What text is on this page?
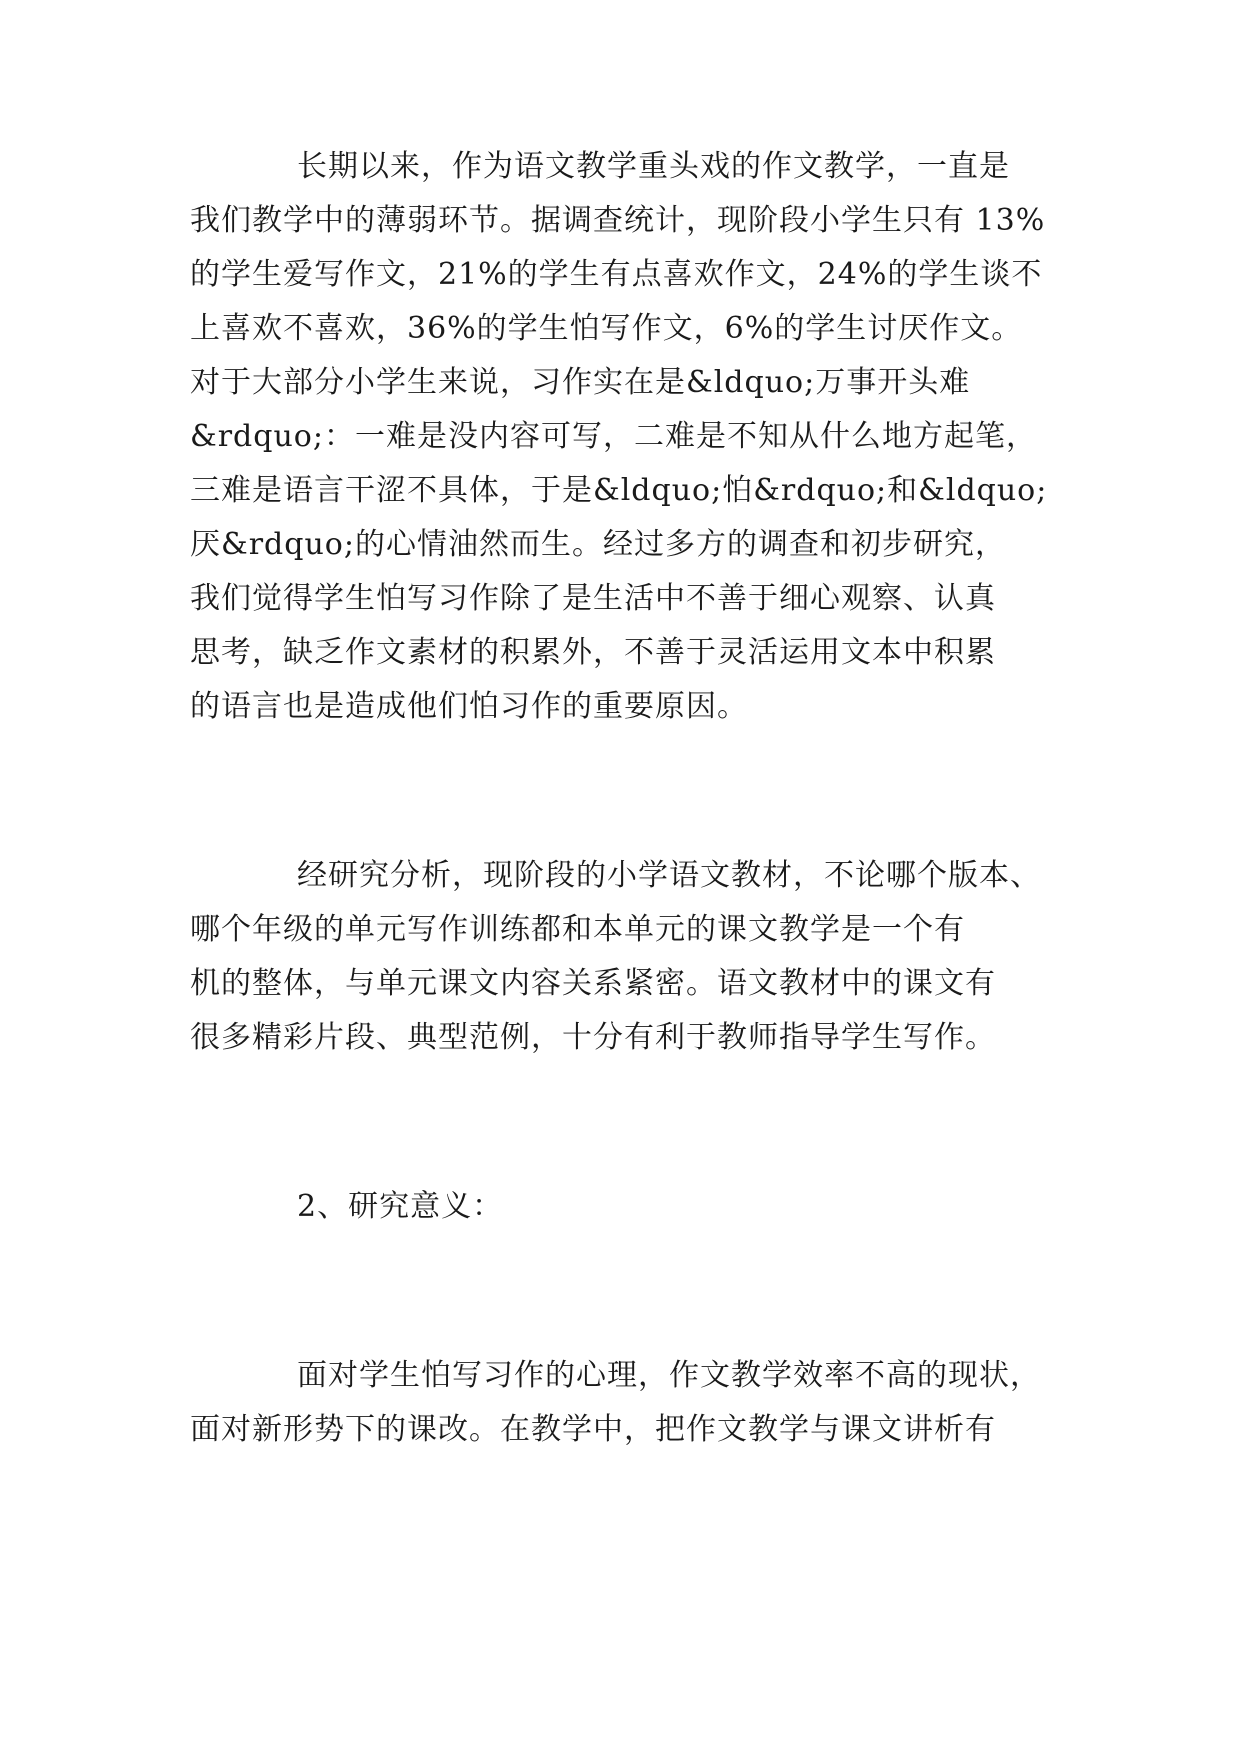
长期以来，作为语文教学重头戏的作文教学，一直是
我们教学中的薄弱环节。据调查统计，现阶段小学生只有 13%
的学生爱写作文，21%的学生有点喜欢作文，24%的学生谈不
上喜欢不喜欢，36%的学生怕写作文，6%的学生讨厌作文。
对于大部分小学生来说，习作实在是&ldquo;万事开头难
&rdquo;：一难是没内容可写，二难是不知从什么地方起笔，
三难是语言干涩不具体，于是&ldquo;怕&rdquo;和&ldquo;
厌&rdquo;的心情油然而生。经过多方的调查和初步研究，
我们觉得学生怕写习作除了是生活中不善于细心观察、认真
思考，缺乏作文素材的积累外，不善于灵活运用文本中积累
的语言也是造成他们怕习作的重要原因。
经研究分析，现阶段的小学语文教材，不论哪个版本、
哪个年级的单元写作训练都和本单元的课文教学是一个有
机的整体，与单元课文内容关系紧密。语文教材中的课文有
很多精彩片段、典型范例，十分有利于教师指导学生写作。
2、研究意义：
面对学生怕写习作的心理，作文教学效率不高的现状，
面对新形势下的课改。在教学中，把作文教学与课文讲析有
